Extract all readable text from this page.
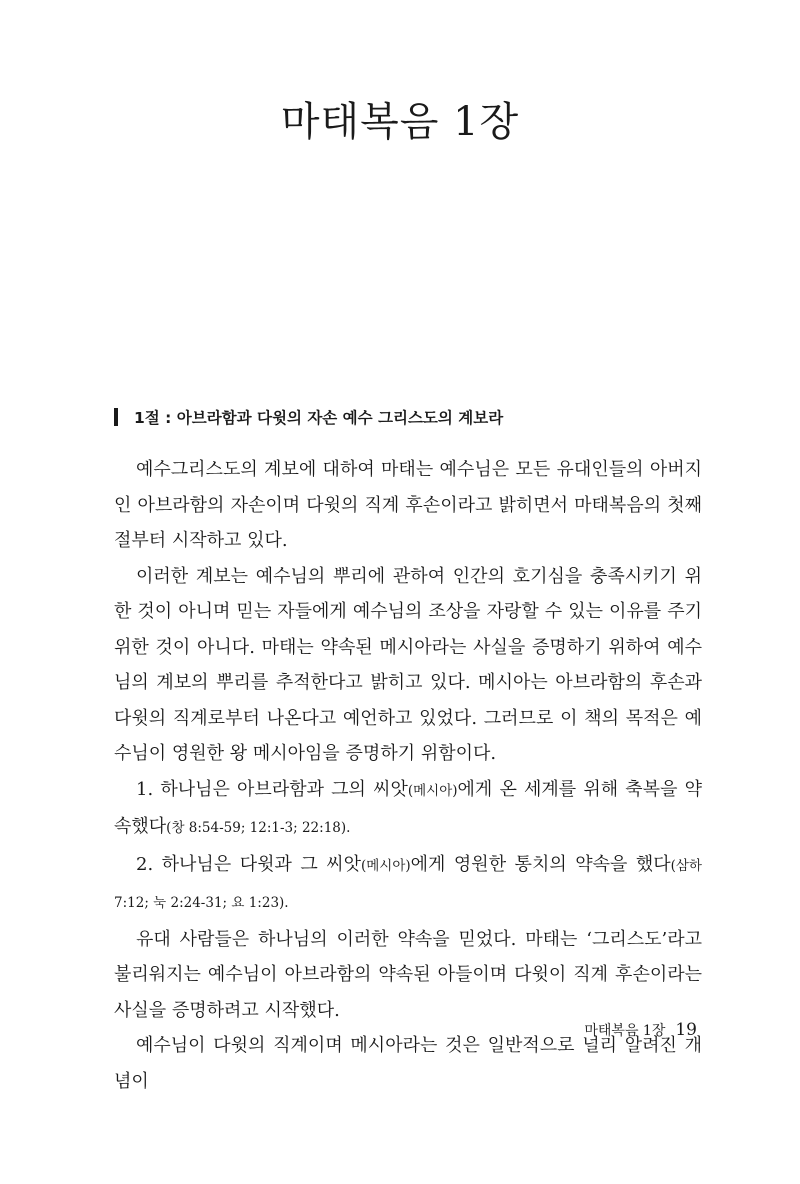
마태복음 1장
1절 : 아브라함과 다윗의 자손 예수 그리스도의 계보라

예수그리스도의 계보에 대하여 마태는 예수님은 모든 유대인들의 아버지인 아브라함의 자손이며 다윗의 직계 후손이라고 밝히면서 마태복음의 첫째 절부터 시작하고 있다.

이러한 계보는 예수님의 뿌리에 관하여 인간의 호기심을 충족시키기 위한 것이 아니며 믿는 자들에게 예수님의 조상을 자랑할 수 있는 이유를 주기 위한 것이 아니다. 마태는 약속된 메시아라는 사실을 증명하기 위하여 예수님의 계보의 뿌리를 추적한다고 밝히고 있다. 메시아는 아브라함의 후손과 다윗의 직계로부터 나온다고 예언하고 있었다. 그러므로 이 책의 목적은 예수님이 영원한 왕 메시아임을 증명하기 위함이다.

1. 하나님은 아브라함과 그의 씨앗(메시아)에게 온 세계를 위해 축복을 약속했다(창 8:54-59; 12:1-3; 22:18).

2. 하나님은 다윗과 그 씨앗(메시아)에게 영원한 통치의 약속을 했다(삼하 7:12; 눅 2:24-31; 요 1:23).

유대 사람들은 하나님의 이러한 약속을 믿었다. 마태는 ‘그리스도’라고 불리워지는 예수님이 아브라함의 약속된 아들이며 다윗이 직계 후손이라는 사실을 증명하려고 시작했다.

예수님이 다윗의 직계이며 메시아라는 것은 일반적으로 널리 알려진 개념이

마태복음 1장 19
